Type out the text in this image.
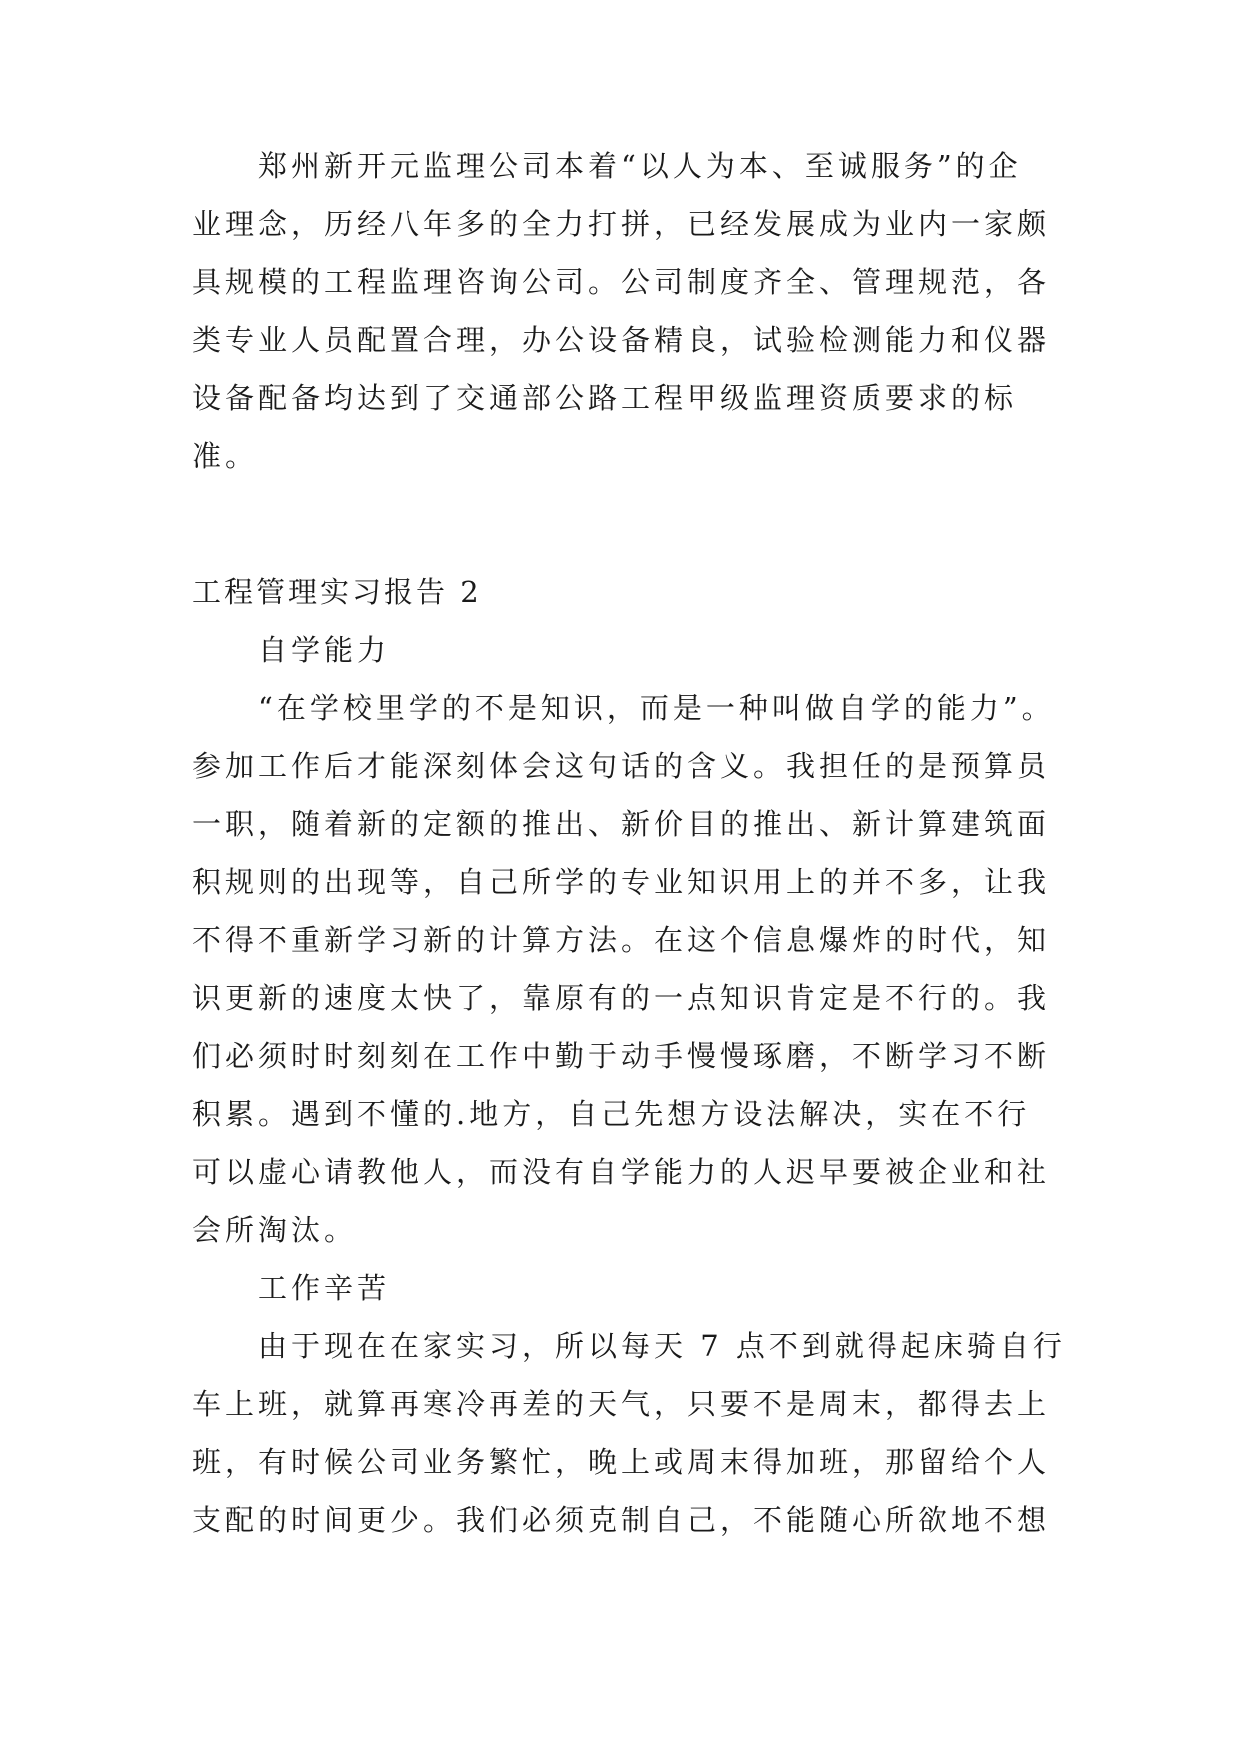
郑州新开元监理公司本着“以人为本、至诚服务”的企
业理念，历经八年多的全力打拼，已经发展成为业内一家颇
具规模的工程监理咨询公司。公司制度齐全、管理规范，各
类专业人员配置合理，办公设备精良，试验检测能力和仪器
设备配备均达到了交通部公路工程甲级监理资质要求的标
准。
工程管理实习报告 2
自学能力
“在学校里学的不是知识，而是一种叫做自学的能力”。
参加工作后才能深刻体会这句话的含义。我担任的是预算员
一职，随着新的定额的推出、新价目的推出、新计算建筑面
积规则的出现等，自己所学的专业知识用上的并不多，让我
不得不重新学习新的计算方法。在这个信息爆炸的时代，知
识更新的速度太快了，靠原有的一点知识肯定是不行的。我
们必须时时刻刻在工作中勤于动手慢慢琢磨，不断学习不断
积累。遇到不懂的.地方，自己先想方设法解决，实在不行
可以虚心请教他人，而没有自学能力的人迟早要被企业和社
会所淘汰。
工作辛苦
由于现在在家实习，所以每天 7 点不到就得起床骑自行
车上班，就算再寒冷再差的天气，只要不是周末，都得去上
班，有时候公司业务繁忙，晚上或周末得加班，那留给个人
支配的时间更少。我们必须克制自己，不能随心所欲地不想
